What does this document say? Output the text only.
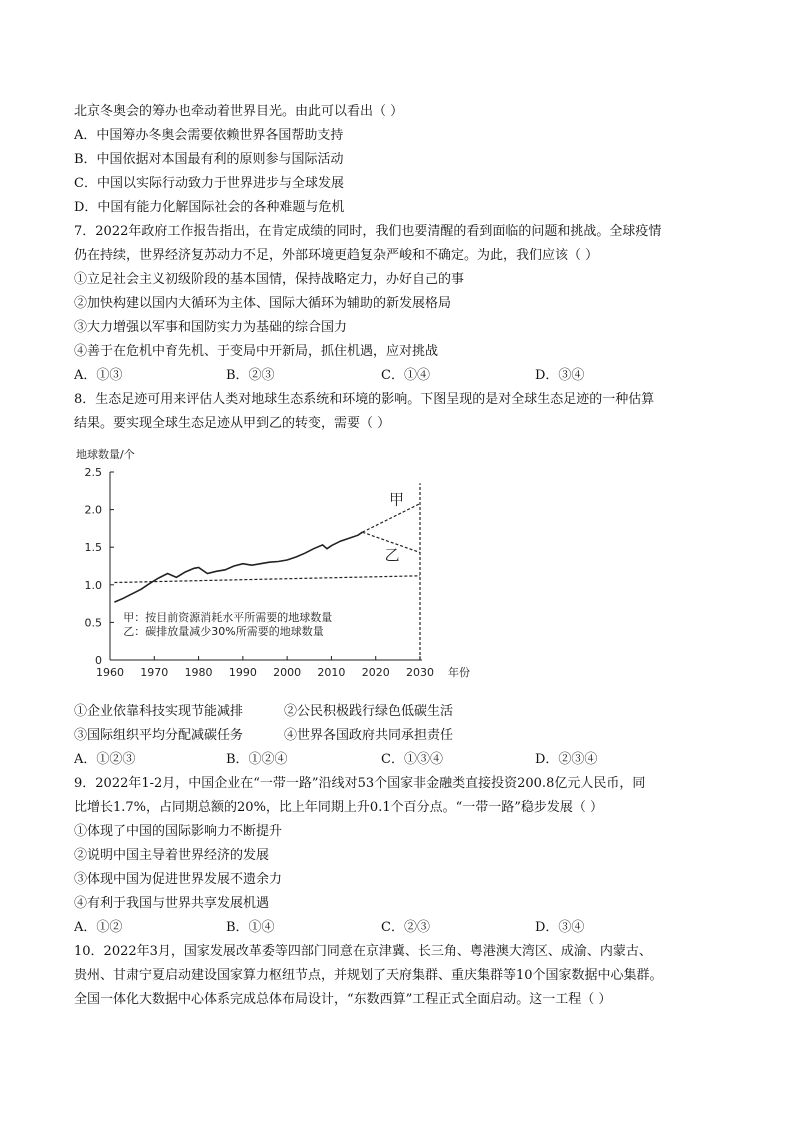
北京冬奥会的筹办也牵动着世界目光。由此可以看出（ ）
A．中国筹办冬奥会需要依赖世界各国帮助支持
B．中国依据对本国最有利的原则参与国际活动
C．中国以实际行动致力于世界进步与全球发展
D．中国有能力化解国际社会的各种难题与危机
7．2022年政府工作报告指出，在肯定成绩的同时，我们也要清醒的看到面临的问题和挑战。全球疫情
仍在持续，世界经济复苏动力不足，外部环境更趋复杂严峻和不确定。为此，我们应该（ ）
①立足社会主义初级阶段的基本国情，保持战略定力，办好自己的事
②加快构建以国内大循环为主体、国际大循环为辅助的新发展格局
③大力增强以军事和国防实力为基础的综合国力
④善于在危机中育先机、于变局中开新局，抓住机遇，应对挑战
A．①③	B．②③	C．①④	D．③④
8．生态足迹可用来评估人类对地球生态系统和环境的影响。下图呈现的是对全球生态足迹的一种估算
结果。要实现全球生态足迹从甲到乙的转变，需要（ ）
0
0.5
1.0
1.5
2.0
2.5
1960 1970 1980 1990 2000 2010 2020 2030
地球数量/个
年份
甲
乙
甲：按目前资源消耗水平所需要的地球数量
乙：碳排放量减少30%所需要的地球数量
①企业依靠科技实现节能减排	②公民积极践行绿色低碳生活
③国际组织平均分配减碳任务	④世界各国政府共同承担责任
A．①②③	B．①②④	C．①③④	D．②③④
9．2022年1-2月，中国企业在“一带一路”沿线对53个国家非金融类直接投资200.8亿元人民币，同
比增长1.7%，占同期总额的20%，比上年同期上升0.1个百分点。“一带一路”稳步发展（ ）
①体现了中国的国际影响力不断提升
②说明中国主导着世界经济的发展
③体现中国为促进世界发展不遗余力
④有利于我国与世界共享发展机遇
A．①②	B．①④	C．②③	D．③④
10．2022年3月，国家发展改革委等四部门同意在京津冀、长三角、粤港澳大湾区、成渝、内蒙古、
贵州、甘肃宁夏启动建设国家算力枢纽节点，并规划了天府集群、重庆集群等10个国家数据中心集群。
全国一体化大数据中心体系完成总体布局设计，“东数西算”工程正式全面启动。这一工程（ ）
